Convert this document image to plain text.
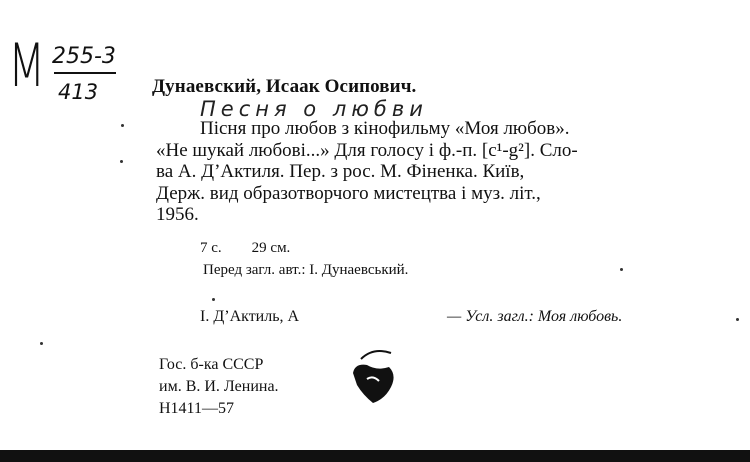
M 255-3
413	Дунаевский, Исаак Осипович.
Песня о любви
Пісня про любов з кінофильму «Моя любов».
«Не шукай любові...» Для голосу і ф.-п. [c¹-g²]. Сло-
ва А. Д’Актиля. Пер. з рос. М. Фіненка. Київ,
Держ. вид образотворчого мистецтва і муз. літ.,
1956.
7 с.        29 см.
Перед загл. авт.: І. Дунаевський.
I. Д’Актиль, А	— Усл. загл.: Моя любовь.
Гос. б-ка СССР
им. В. И. Ленина.
Н1411—57
